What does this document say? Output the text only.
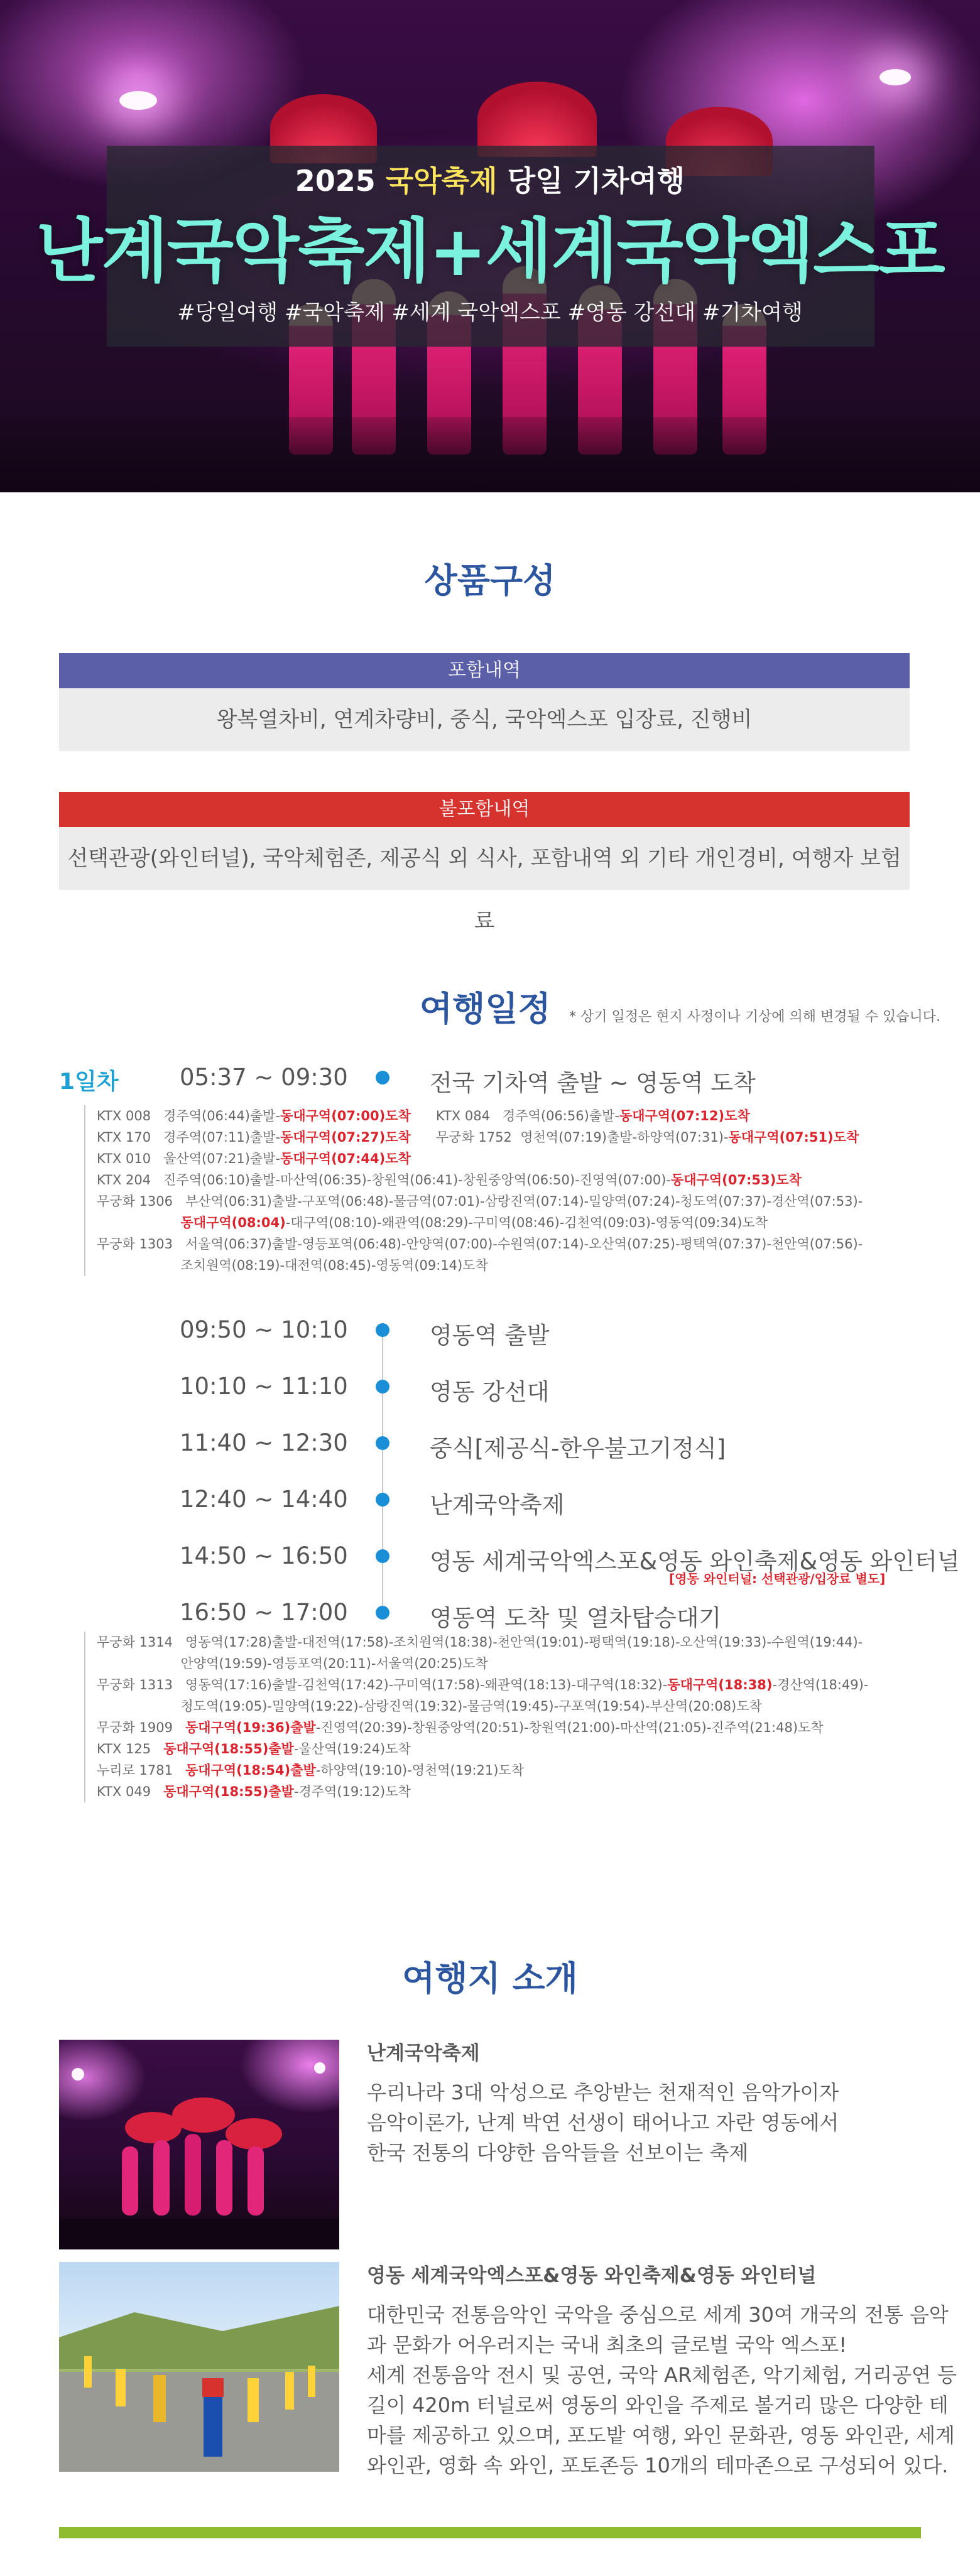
2025 국악축제 당일 기차여행
난계국악축제+세계국악엑스포
#당일여행 #국악축제 #세계 국악엑스포 #영동 강선대 #기차여행
상품구성
포함내역
왕복열차비, 연계차량비, 중식, 국악엑스포 입장료, 진행비
불포함내역
선택관광(와인터널), 국악체험존, 제공식 외 식사, 포함내역 외 기타 개인경비, 여행자 보험료
여행일정 * 상기 일정은 현지 사정이나 기상에 의해 변경될 수 있습니다.
1일차	05:37 ~ 09:30	전국 기차역 출발 ~ 영동역 도착
KTX 008   경주역(06:44)출발-동대구역(07:00)도착      KTX 084   경주역(06:56)출발-동대구역(07:12)도착
KTX 170   경주역(07:11)출발-동대구역(07:27)도착      무궁화 1752  영천역(07:19)출발-하양역(07:31)-동대구역(07:51)도착
KTX 010   울산역(07:21)출발-동대구역(07:44)도착
KTX 204   진주역(06:10)출발-마산역(06:35)-창원역(06:41)-창원중앙역(06:50)-진영역(07:00)-동대구역(07:53)도착
무궁화 1306   부산역(06:31)출발-구포역(06:48)-물금역(07:01)-삼랑진역(07:14)-밀양역(07:24)-청도역(07:37)-경산역(07:53)-
동대구역(08:04)-대구역(08:10)-왜관역(08:29)-구미역(08:46)-김천역(09:03)-영동역(09:34)도착
무궁화 1303   서울역(06:37)출발-영등포역(06:48)-안양역(07:00)-수원역(07:14)-오산역(07:25)-평택역(07:37)-천안역(07:56)-
조치원역(08:19)-대전역(08:45)-영동역(09:14)도착
09:50 ~ 10:10	영동역 출발
10:10 ~ 11:10	영동 강선대
11:40 ~ 12:30	중식[제공식-한우불고기정식]
12:40 ~ 14:40	난계국악축제
14:50 ~ 16:50	영동 세계국악엑스포&영동 와인축제&영동 와인터널
16:50 ~ 17:00	영동역 도착 및 열차탑승대기
[영동 와인터널: 선택관광/입장료 별도]
무궁화 1314   영동역(17:28)출발-대전역(17:58)-조치원역(18:38)-천안역(19:01)-평택역(19:18)-오산역(19:33)-수원역(19:44)-
안양역(19:59)-영등포역(20:11)-서울역(20:25)도착
무궁화 1313   영동역(17:16)출발-김천역(17:42)-구미역(17:58)-왜관역(18:13)-대구역(18:32)-동대구역(18:38)-경산역(18:49)-
청도역(19:05)-밀양역(19:22)-삼랑진역(19:32)-물금역(19:45)-구포역(19:54)-부산역(20:08)도착
무궁화 1909   동대구역(19:36)출발-진영역(20:39)-창원중앙역(20:51)-창원역(21:00)-마산역(21:05)-진주역(21:48)도착
KTX 125   동대구역(18:55)출발-울산역(19:24)도착
누리로 1781   동대구역(18:54)출발-하양역(19:10)-영천역(19:21)도착
KTX 049   동대구역(18:55)출발-경주역(19:12)도착
여행지 소개
난계국악축제
우리나라 3대 악성으로 추앙받는 천재적인 음악가이자
음악이론가, 난계 박연 선생이 태어나고 자란 영동에서
한국 전통의 다양한 음악들을 선보이는 축제
영동 세계국악엑스포&영동 와인축제&영동 와인터널
대한민국 전통음악인 국악을 중심으로 세계 30여 개국의 전통 음악
과 문화가 어우러지는 국내 최초의 글로벌 국악 엑스포!
세계 전통음악 전시 및 공연, 국악 AR체험존, 악기체험, 거리공연 등
길이 420m 터널로써 영동의 와인을 주제로 볼거리 많은 다양한 테
마를 제공하고 있으며, 포도밭 여행, 와인 문화관, 영동 와인관, 세계
와인관, 영화 속 와인, 포토존등 10개의 테마존으로 구성되어 있다.
